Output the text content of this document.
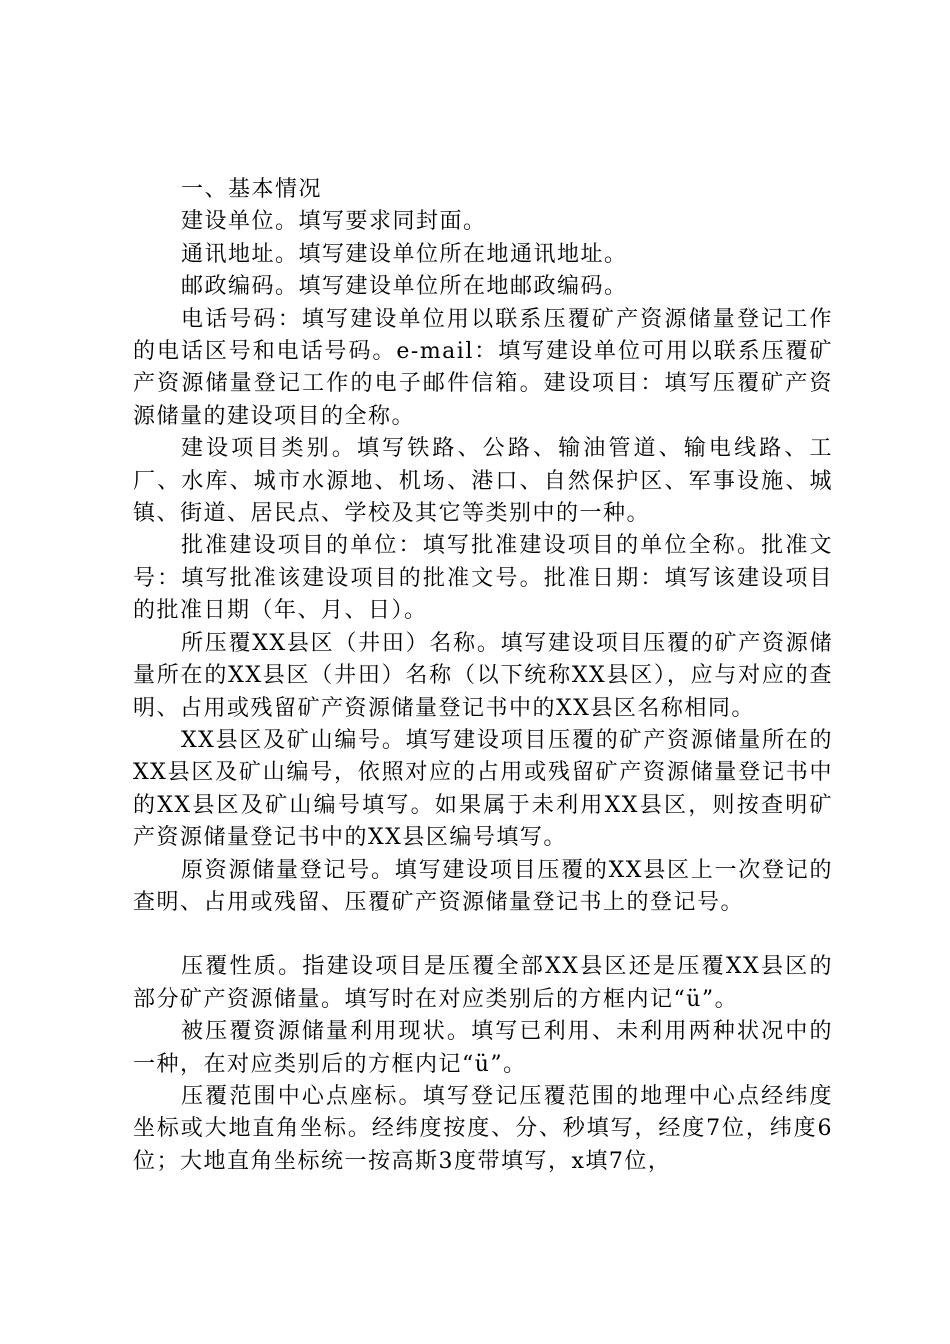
一、基本情况

建设单位。填写要求同封面。

通讯地址。填写建设单位所在地通讯地址。

邮政编码。填写建设单位所在地邮政编码。

电话号码：填写建设单位用以联系压覆矿产资源储量登记工作的电话区号和电话号码。e-mail：填写建设单位可用以联系压覆矿产资源储量登记工作的电子邮件信箱。建设项目：填写压覆矿产资源储量的建设项目的全称。

建设项目类别。填写铁路、公路、输油管道、输电线路、工厂、水库、城市水源地、机场、港口、自然保护区、军事设施、城镇、街道、居民点、学校及其它等类别中的一种。

批准建设项目的单位：填写批准建设项目的单位全称。批准文号：填写批准该建设项目的批准文号。批准日期：填写该建设项目的批准日期（年、月、日）。

所压覆XX县区（井田）名称。填写建设项目压覆的矿产资源储量所在的XX县区（井田）名称（以下统称XX县区），应与对应的查明、占用或残留矿产资源储量登记书中的XX县区名称相同。

XX县区及矿山编号。填写建设项目压覆的矿产资源储量所在的XX县区及矿山编号，依照对应的占用或残留矿产资源储量登记书中的XX县区及矿山编号填写。如果属于未利用XX县区，则按查明矿产资源储量登记书中的XX县区编号填写。

原资源储量登记号。填写建设项目压覆的XX县区上一次登记的查明、占用或残留、压覆矿产资源储量登记书上的登记号。

压覆性质。指建设项目是压覆全部XX县区还是压覆XX县区的部分矿产资源储量。填写时在对应类别后的方框内记“ü”。

被压覆资源储量利用现状。填写已利用、未利用两种状况中的一种，在对应类别后的方框内记“ü”。

压覆范围中心点座标。填写登记压覆范围的地理中心点经纬度坐标或大地直角坐标。经纬度按度、分、秒填写，经度7位，纬度6位；大地直角坐标统一按高斯3度带填写，x填7位，
